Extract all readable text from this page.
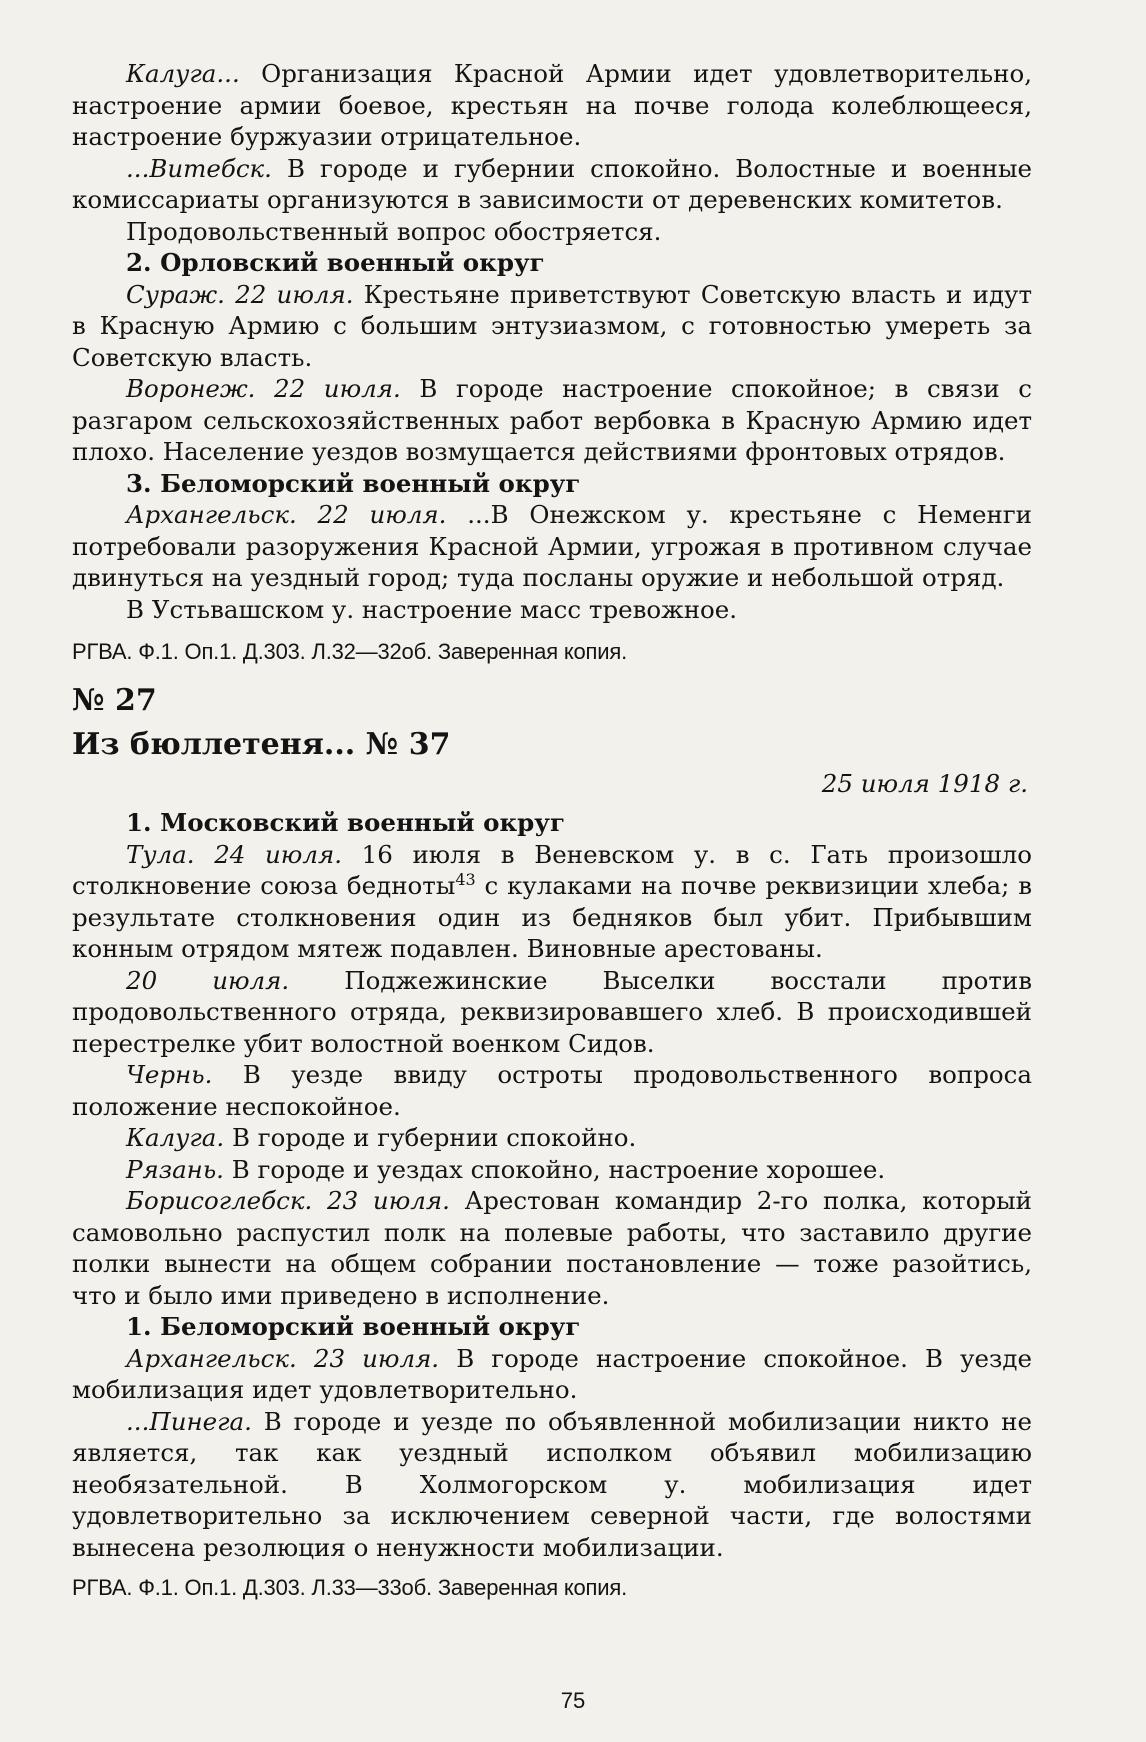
Калуга... Организация Красной Армии идет удовлетворительно, настроение армии боевое, крестьян на почве голода колеблющееся, настроение буржуазии отрицательное.

...Витебск. В городе и губернии спокойно. Волостные и военные комиссариаты организуются в зависимости от деревенских комитетов.

Продовольственный вопрос обостряется.

2. Орловский военный округ

Сураж. 22 июля. Крестьяне приветствуют Советскую власть и идут в Красную Армию с большим энтузиазмом, с готовностью умереть за Советскую власть.

Воронеж. 22 июля. В городе настроение спокойное; в связи с разгаром сельскохозяйственных работ вербовка в Красную Армию идет плохо. Население уездов возмущается действиями фронтовых отрядов.

3. Беломорский военный округ

Архангельск. 22 июля. ...В Онежском у. крестьяне с Неменги потребовали разоружения Красной Армии, угрожая в противном случае двинуться на уездный город; туда посланы оружие и небольшой отряд.

В Устьвашском у. настроение масс тревожное.

РГВА. Ф.1. Оп.1. Д.303. Л.32—32об. Заверенная копия.
№ 27
Из бюллетеня... № 37
25 июля 1918 г.
1. Московский военный округ

Тула. 24 июля. 16 июля в Веневском у. в с. Гать произошло столкновение союза бедноты$^{43}$ с кулаками на почве реквизиции хлеба; в результате столкновения один из бедняков был убит. Прибывшим конным отрядом мятеж подавлен. Виновные арестованы.

20 июля. Поджежинские Выселки восстали против продовольственного отряда, реквизировавшего хлеб. В происходившей перестрелке убит волостной военком Сидов.

Чернь. В уезде ввиду остроты продовольственного вопроса положение неспокойное.

Калуга. В городе и губернии спокойно.

Рязань. В городе и уездах спокойно, настроение хорошее.

Борисоглебск. 23 июля. Арестован командир 2-го полка, который самовольно распустил полк на полевые работы, что заставило другие полки вынести на общем собрании постановление — тоже разойтись, что и было ими приведено в исполнение.

1. Беломорский военный округ

Архангельск. 23 июля. В городе настроение спокойное. В уезде мобилизация идет удовлетворительно.

...Пинега. В городе и уезде по объявленной мобилизации никто не является, так как уездный исполком объявил мобилизацию необязательной. В Холмогорском у. мобилизация идет удовлетворительно за исключением северной части, где волостями вынесена резолюция о ненужности мобилизации.

РГВА. Ф.1. Оп.1. Д.303. Л.33—33об. Заверенная копия.
75
